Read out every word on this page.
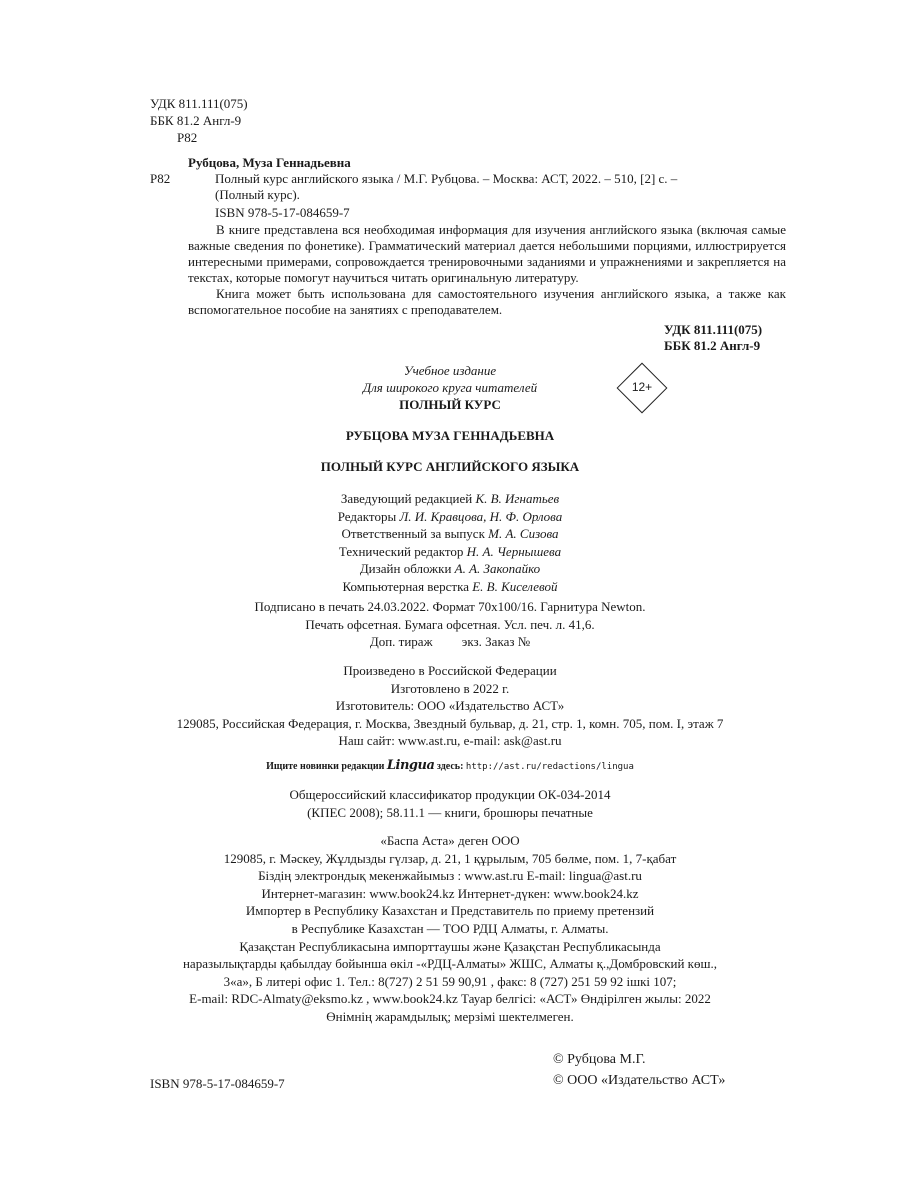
УДК 811.111(075)
ББК 81.2 Англ-9
Р82
Рубцова, Муза Геннадьевна
Р82	Полный курс английского языка / М.Г. Рубцова. – Москва: АСТ, 2022. – 510, [2] с. –
(Полный курс).
ISBN 978-5-17-084659-7

В книге представлена вся необходимая информация для изучения английского языка (включая самые важные сведения по фонетике). Грамматический материал дается небольшими порциями, иллюстрируется интересными примерами, сопровождается тренировочными заданиями и упражнениями и закрепляется на текстах, которые помогут научиться читать оригинальную литературу.

Книга может быть использована для самостоятельного изучения английского языка, а также как вспомогательное пособие на занятиях с преподавателем.

УДК 811.111(075)
ББК 81.2 Англ-9
Учебное издание
Для широкого круга читателей
ПОЛНЫЙ КУРС
12+
РУБЦОВА МУЗА ГЕННАДЬЕВНА
ПОЛНЫЙ КУРС АНГЛИЙСКОГО ЯЗЫКА
Заведующий редакцией К. В. Игнатьев
Редакторы Л. И. Кравцова, Н. Ф. Орлова
Ответственный за выпуск М. А. Сизова
Технический редактор Н. А. Чернышева
Дизайн обложки А. А. Закопайко
Компьютерная верстка Е. В. Киселевой
Подписано в печать 24.03.2022. Формат 70x100/16. Гарнитура Newton.
Печать офсетная. Бумага офсетная. Усл. печ. л. 41,6.
Доп. тираж         экз. Заказ №
Произведено в Российской Федерации
Изготовлено в 2022 г.
Изготовитель: ООО «Издательство АСТ»
129085, Российская Федерация, г. Москва, Звездный бульвар, д. 21, стр. 1, комн. 705, пом. I, этаж 7
Наш сайт: www.ast.ru, e-mail: ask@ast.ru
Ищите новинки редакции Lingua здесь: http://ast.ru/redactions/lingua
Общероссийский классификатор продукции ОК-034-2014
(КПЕС 2008); 58.11.1 — книги, брошюры печатные
«Баспа Аста» деген ООО
129085, г. Мәскеу, Жұлдызды гүлзар, д. 21, 1 құрылым, 705 бөлме, пом. 1, 7-қабат
Біздің электрондық мекенжайымыз : www.ast.ru E-mail: lingua@ast.ru
Интернет-магазин: www.book24.kz Интернет-дүкен: www.book24.kz
Импортер в Республику Казахстан и Представитель по приему претензий
в Республике Казахстан — ТОО РДЦ Алматы, г. Алматы.
Қазақстан Республикасына импорттаушы және Қазақстан Республикасында
наразылықтарды қабылдау бойынша өкіл -«РДЦ-Алматы» ЖШС, Алматы қ.,Домбровский көш.,
3«а», Б литері офис 1. Тел.: 8(727) 2 51 59 90,91 , факс: 8 (727) 251 59 92 ішкі 107;
E-mail: RDC-Almaty@eksmo.kz , www.book24.kz Тауар белгісі: «АСТ» Өндірілген жылы: 2022
Өнімнің жарамдылық; мерзімі шектелмеген.
ISBN 978-5-17-084659-7
© Рубцова М.Г.
© ООО «Издательство АСТ»
